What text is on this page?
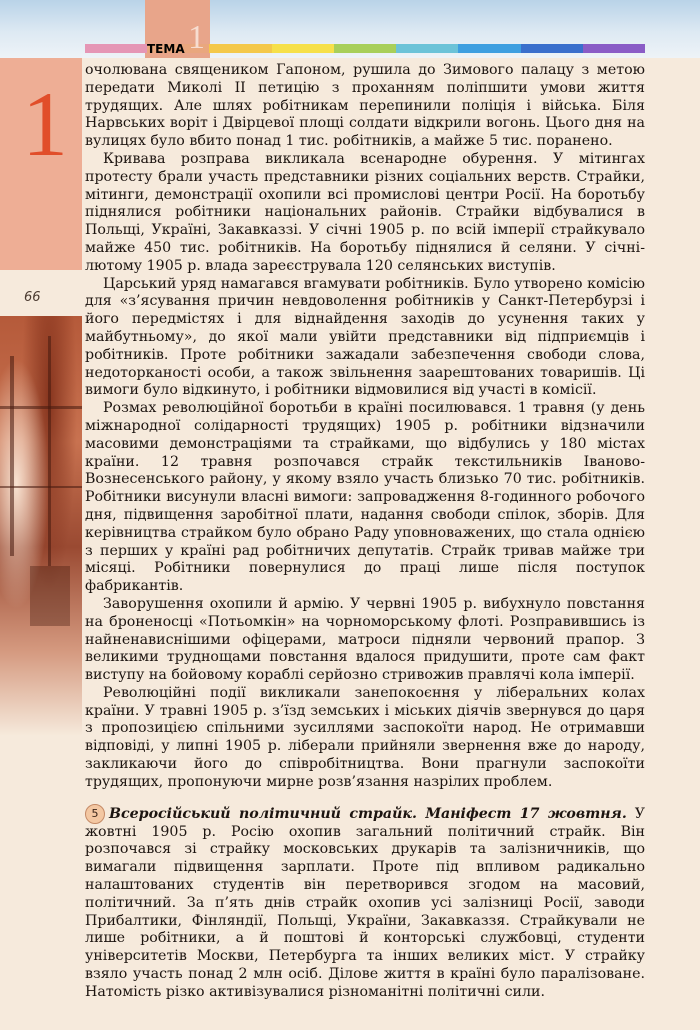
ТЕМА 1
1
66

очолювана священиком Гапоном, рушила до Зимового палацу з метою передати Миколі ІІ петицію з проханням поліпшити умови життя трудящих. Але шлях робітникам перепинили поліція і війська. Біля Нарвських воріт і Двірцевої площі солдати відкрили вогонь. Цього дня на вулицях було вбито понад 1 тис. робітників, а майже 5 тис. поранено.

Кривава розправа викликала всенародне обурення. У мітингах протесту брали участь представники різних соціальних верств. Страйки, мітинги, демонстрації охопили всі промислові центри Росії. На боротьбу піднялися робітники національних районів. Страйки відбувалися в Польщі, Україні, Закавказзі. У січні 1905 р. по всій імперії страйкувало майже 450 тис. робітників. На боротьбу піднялися й селяни. У січні-лютому 1905 р. влада зареєструвала 120 селянських виступів.

Царський уряд намагався вгамувати робітників. Було утворено комісію для «з’ясування причин невдоволення робітників у Санкт-Петербурзі і його передмістях і для віднайдення заходів до усунення таких у майбутньому», до якої мали увійти представники від підприємців і робітників. Проте робітники зажадали забезпечення свободи слова, недоторканості особи, а також звільнення заарештованих товаришів. Ці вимоги було відкинуто, і робітники відмовилися від участі в комісії.

Розмах революційної боротьби в країні посилювався. 1 травня (у день міжнародної солідарності трудящих) 1905 р. робітники відзначили масовими демонстраціями та страйками, що відбулись у 180 містах країни. 12 травня розпочався страйк текстильників Іваново-Вознесенського району, у якому взяло участь близько 70 тис. робітників. Робітники висунули власні вимоги: запровадження 8-годинного робочого дня, підвищення заробітної плати, надання свободи спілок, зборів. Для керівництва страйком було обрано Раду уповноважених, що стала однією з перших у країні рад робітничих депутатів. Страйк тривав майже три місяці. Робітники повернулися до праці лише після поступок фабрикантів.

Заворушення охопили й армію. У червні 1905 р. вибухнуло повстання на броненосці «Потьомкін» на чорноморському флоті. Розправившись із найненависнішими офіцерами, матроси підняли червоний прапор. З великими труднощами повстання вдалося придушити, проте сам факт виступу на бойовому кораблі серйозно стривожив правлячі кола імперії.

Революційні події викликали занепокоєння у ліберальних колах країни. У травні 1905 р. з’їзд земських і міських діячів звернувся до царя з пропозицією спільними зусиллями заспокоїти народ. Не отримавши відповіді, у липні 1905 р. ліберали прийняли звернення вже до народу, закликаючи його до співробітництва. Вони прагнули заспокоїти трудящих, пропонуючи мирне розв’язання назрілих проблем.

5 Всеросійський політичний страйк. Маніфест 17 жовтня. У жовтні 1905 р. Росію охопив загальний політичний страйк. Він розпочався зі страйку московських друкарів та залізничників, що вимагали підвищення зарплати. Проте під впливом радикально налаштованих студентів він перетворився згодом на масовий, політичний. За п’ять днів страйк охопив усі залізниці Росії, заводи Прибалтики, Фінляндії, Польщі, України, Закавказзя. Страйкували не лише робітники, а й поштові й конторські службовці, студенти університетів Москви, Петербурга та інших великих міст. У страйку взяло участь понад 2 млн осіб. Ділове життя в країні було паралізоване. Натомість різко активізувалися різноманітні політичні сили.
